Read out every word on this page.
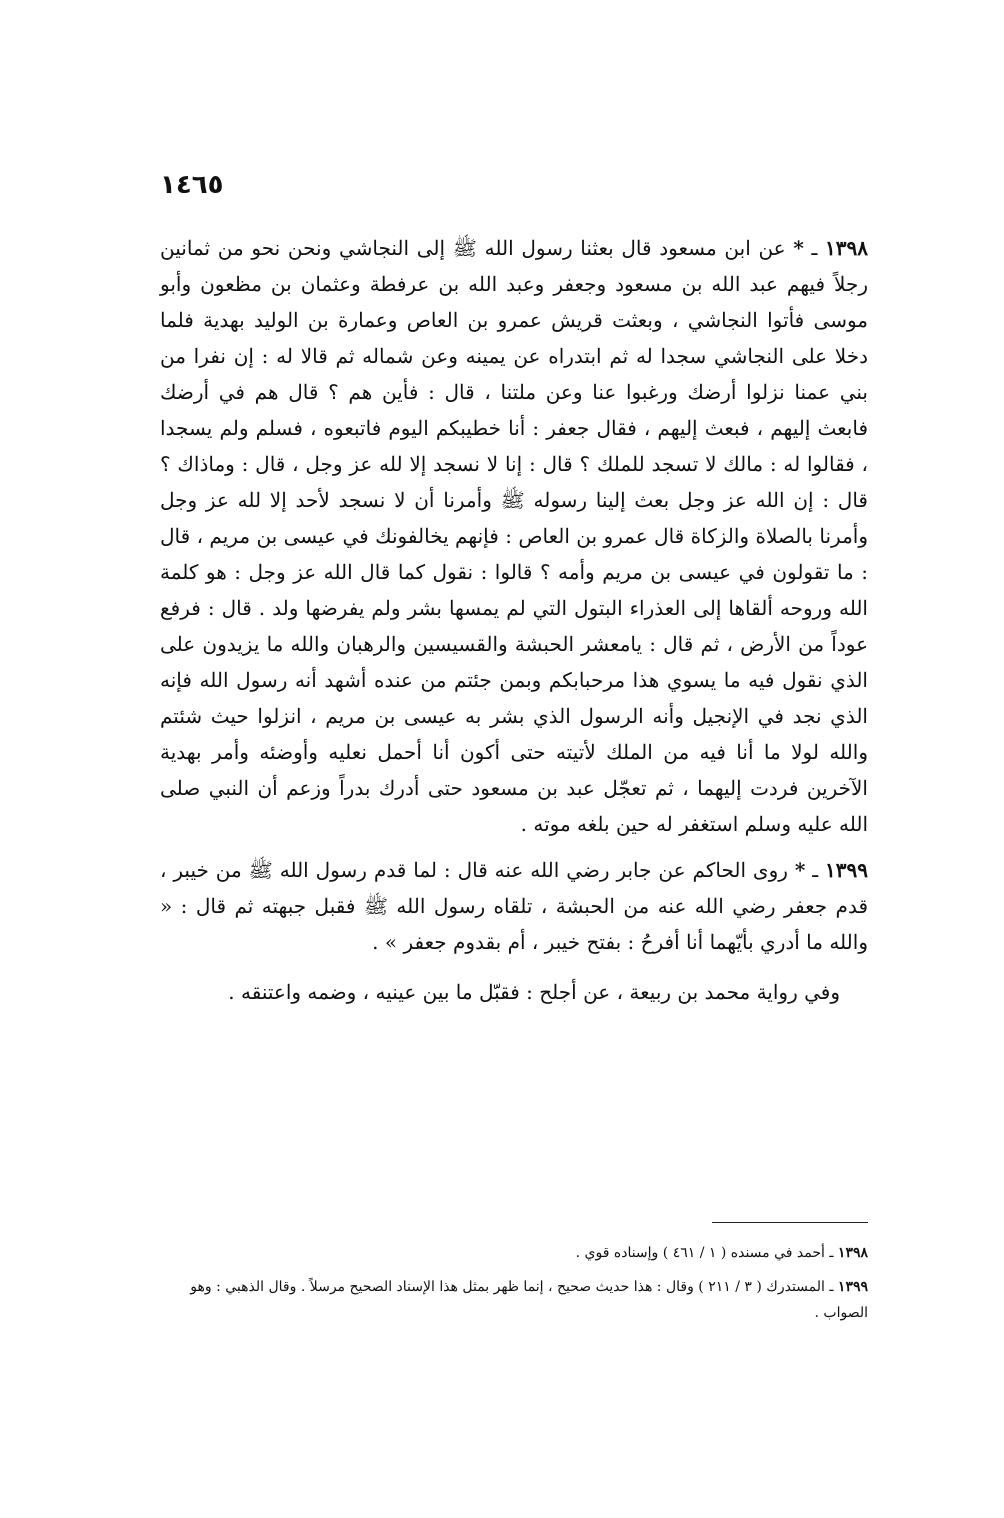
١٤٦٥

١٣٩٨ ـ * عن ابن مسعود قال بعثنا رسول الله ﷺ إلى النجاشي ونحن نحو من ثمانين رجلاً فيهم عبد الله بن مسعود وجعفر وعبد الله بن عرفطة وعثمان بن مظعون وأبو موسى فأتوا النجاشي ، وبعثت قريش عمرو بن العاص وعمارة بن الوليد بهدية فلما دخلا على النجاشي سجدا له ثم ابتدراه عن يمينه وعن شماله ثم قالا له : إن نفرا من بني عمنا نزلوا أرضك ورغبوا عنا وعن ملتنا ، قال : فأين هم ؟ قال هم في أرضك فابعث إليهم ، فبعث إليهم ، فقال جعفر : أنا خطيبكم اليوم فاتبعوه ، فسلم ولم يسجدا ، فقالوا له : مالك لا تسجد للملك ؟ قال : إنا لا نسجد إلا لله عز وجل ، قال : وماذاك ؟ قال : إن الله عز وجل بعث إلينا رسوله ﷺ وأمرنا أن لا نسجد لأحد إلا لله عز وجل وأمرنا بالصلاة والزكاة قال عمرو بن العاص : فإنهم يخالفونك في عيسى بن مريم ، قال : ما تقولون في عيسى بن مريم وأمه ؟ قالوا : نقول كما قال الله عز وجل : هو كلمة الله وروحه ألقاها إلى العذراء البتول التي لم يمسها بشر ولم يفرضها ولد . قال : فرفع عوداً من الأرض ، ثم قال : يامعشر الحبشة والقسيسين والرهبان والله ما يزيدون على الذي نقول فيه ما يسوي هذا مرحبابكم وبمن جئتم من عنده أشهد أنه رسول الله فإنه الذي نجد في الإنجيل وأنه الرسول الذي بشر به عيسى بن مريم ، انزلوا حيث شئتم والله لولا ما أنا فيه من الملك لأتيته حتى أكون أنا أحمل نعليه وأوضئه وأمر بهدية الآخرين فردت إليهما ، ثم تعجّل عبد بن مسعود حتى أدرك بدراً وزعم أن النبي صلى الله عليه وسلم استغفر له حين بلغه موته .

١٣٩٩ ـ * روى الحاكم عن جابر رضي الله عنه قال : لما قدم رسول الله ﷺ من خيبر ، قدم جعفر رضي الله عنه من الحبشة ، تلقاه رسول الله ﷺ فقبل جبهته ثم قال : « والله ما أدري بأيّهما أنا أفرحُ : بفتح خيبر ، أم بقدوم جعفر » .

وفي رواية محمد بن ربيعة ، عن أجلح : فقبّل ما بين عينيه ، وضمه واعتنقه .

١٣٩٨ ـ أحمد في مسنده ( ١ / ٤٦١ ) وإسناده قوي .

١٣٩٩ ـ المستدرك ( ٣ / ٢١١ ) وقال : هذا حديث صحيح ، إنما ظهر بمثل هذا الإسناد الصحيح مرسلاً . وقال الذهبي : وهو الصواب .
